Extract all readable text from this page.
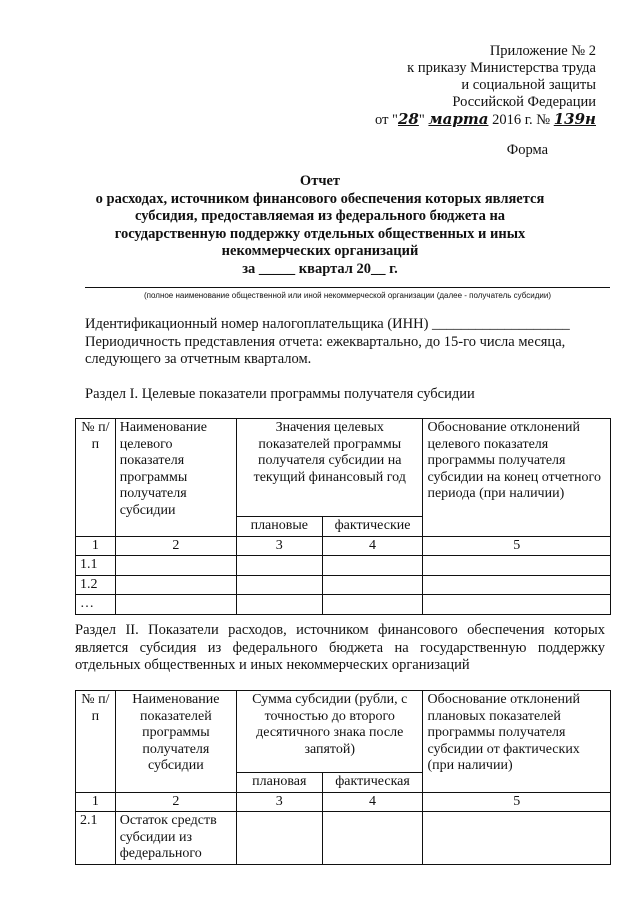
Приложение № 2
к приказу Министерства труда
и социальной защиты
Российской Федерации
от "28" марта 2016 г. № 139н
Форма
Отчет
о расходах, источником финансового обеспечения которых является
субсидия, предоставляемая из федерального бюджета на
государственную поддержку отдельных общественных и иных
некоммерческих организаций
за _____ квартал 20__ г.
(полное наименование общественной или иной некоммерческой организации (далее - получатель субсидии)
Идентификационный номер налогоплательщика (ИНН) ___________________
Периодичность представления отчета: ежеквартально, до 15-го числа месяца, следующего за отчетным кварталом.
Раздел I. Целевые показатели программы получателя субсидии
№ п/п	Наименование целевого показателя программы получателя субсидии	Значения целевых показателей программы получателя субсидии на текущий финансовый год		Обоснование отклонений целевого показателя программы получателя субсидии на конец отчетного периода (при наличии)
		плановые	фактические	
1	2	3	4	5
1.1				
1.2				
…				
Раздел II. Показатели расходов, источником финансового обеспечения которых является субсидия из федерального бюджета на государственную поддержку отдельных общественных и иных некоммерческих организаций
№ п/п	Наименование показателей программы получателя субсидии	Сумма субсидии (рубли, с точностью до второго десятичного знака после запятой)		Обоснование отклонений плановых показателей программы получателя субсидии от фактических (при наличии)
		плановая	фактическая	
1	2	3	4	5
2.1	Остаток средств субсидии из федерального			
